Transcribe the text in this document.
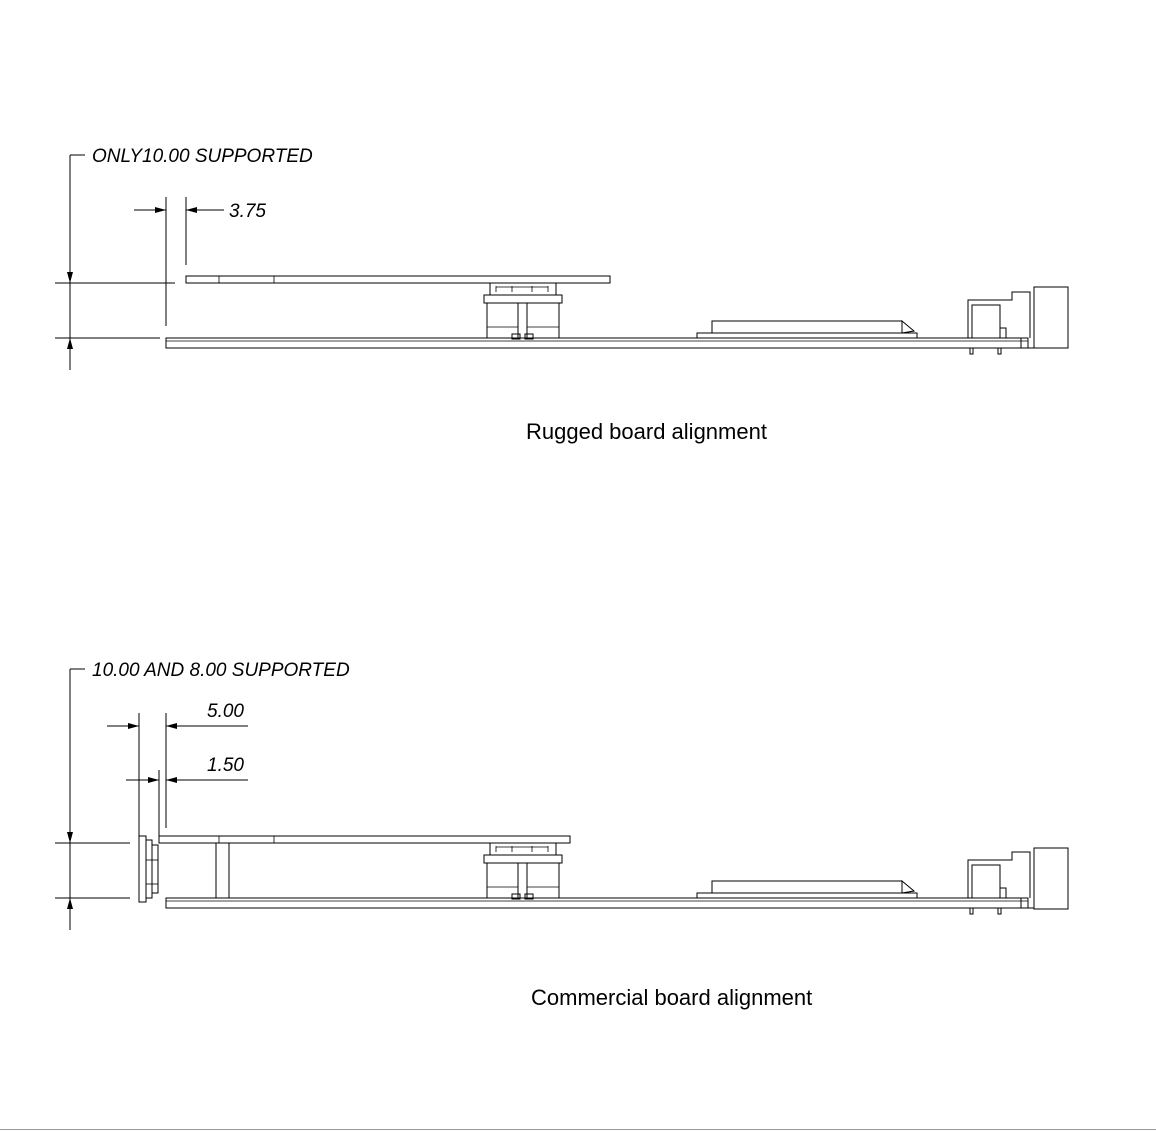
ONLY10.00 SUPPORTED
3.75
Rugged board alignment
10.00 AND 8.00 SUPPORTED
5.00
1.50
Commercial board alignment
